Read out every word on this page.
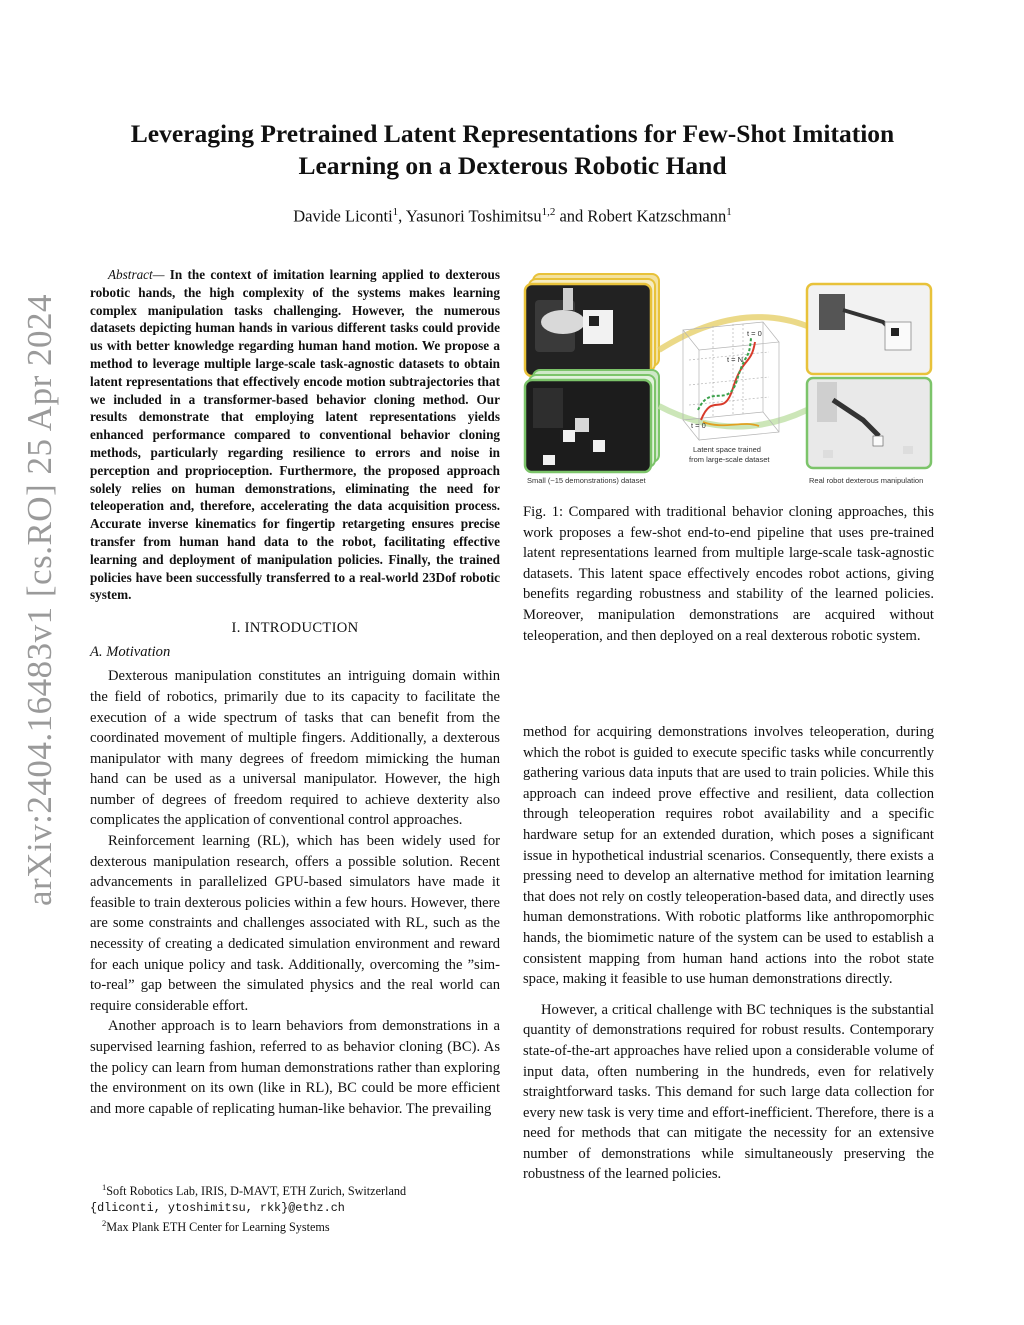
arXiv:2404.16483v1 [cs.RO] 25 Apr 2024
Leveraging Pretrained Latent Representations for Few-Shot Imitation
Learning on a Dexterous Robotic Hand
Davide Liconti$^1$, Yasunori Toshimitsu$^{1,2}$ and Robert Katzschmann$^1$

Abstract— In the context of imitation learning applied to dexterous robotic hands, the high complexity of the systems makes learning complex manipulation tasks challenging. However, the numerous datasets depicting human hands in various different tasks could provide us with better knowledge regarding human hand motion. We propose a method to leverage multiple large-scale task-agnostic datasets to obtain latent representations that effectively encode motion subtrajectories that we included in a transformer-based behavior cloning method. Our results demonstrate that employing latent representations yields enhanced performance compared to conventional behavior cloning methods, particularly regarding resilience to errors and noise in perception and proprioception. Furthermore, the proposed approach solely relies on human demonstrations, eliminating the need for teleoperation and, therefore, accelerating the data acquisition process. Accurate inverse kinematics for fingertip retargeting ensures precise transfer from human hand data to the robot, facilitating effective learning and deployment of manipulation policies. Finally, the trained policies have been successfully transferred to a real-world 23Dof robotic system.

I. INTRODUCTION
A. Motivation

Dexterous manipulation constitutes an intriguing domain within the field of robotics, primarily due to its capacity to facilitate the execution of a wide spectrum of tasks that can benefit from the coordinated movement of multiple fingers. Additionally, a dexterous manipulator with many degrees of freedom mimicking the human hand can be used as a universal manipulator. However, the high number of degrees of freedom required to achieve dexterity also complicates the application of conventional control approaches.

Reinforcement learning (RL), which has been widely used for dexterous manipulation research, offers a possible solution. Recent advancements in parallelized GPU-based simulators have made it feasible to train dexterous policies within a few hours. However, there are some constraints and challenges associated with RL, such as the necessity of creating a dedicated simulation environment and reward for each unique policy and task. Additionally, overcoming the ”sim-to-real” gap between the simulated physics and the real world can require considerable effort.

Another approach is to learn behaviors from demonstrations in a supervised learning fashion, referred to as behavior cloning (BC). As the policy can learn from human demonstrations rather than exploring the environment on its own (like in RL), BC could be more efficient and more capable of replicating human-like behavior. The prevailing

$^1$Soft Robotics Lab, IRIS, D-MAVT, ETH Zurich, Switzerland
{dliconti, ytoshimitsu, rkk}@ethz.ch
$^2$Max Plank ETH Center for Learning Systems
Small (~15 demonstrations) dataset
t = 0
t = N
t = 0
Latent space trained
from large-scale dataset
Real robot dexterous manipulation
Fig. 1: Compared with traditional behavior cloning approaches, this work proposes a few-shot end-to-end pipeline that uses pre-trained latent representations learned from multiple large-scale task-agnostic datasets. This latent space effectively encodes robot actions, giving benefits regarding robustness and stability of the learned policies. Moreover, manipulation demonstrations are acquired without teleoperation, and then deployed on a real dexterous robotic system.

method for acquiring demonstrations involves teleoperation, during which the robot is guided to execute specific tasks while concurrently gathering various data inputs that are used to train policies. While this approach can indeed prove effective and resilient, data collection through teleoperation requires robot availability and a specific hardware setup for an extended duration, which poses a significant issue in hypothetical industrial scenarios. Consequently, there exists a pressing need to develop an alternative method for imitation learning that does not rely on costly teleoperation-based data, and directly uses human demonstrations. With robotic platforms like anthropomorphic hands, the biomimetic nature of the system can be used to establish a consistent mapping from human hand actions into the robot state space, making it feasible to use human demonstrations directly.

However, a critical challenge with BC techniques is the substantial quantity of demonstrations required for robust results. Contemporary state-of-the-art approaches have relied upon a considerable volume of input data, often numbering in the hundreds, even for relatively straightforward tasks. This demand for such large data collection for every new task is very time and effort-inefficient. Therefore, there is a need for methods that can mitigate the necessity for an extensive number of demonstrations while simultaneously preserving the robustness of the learned policies.
